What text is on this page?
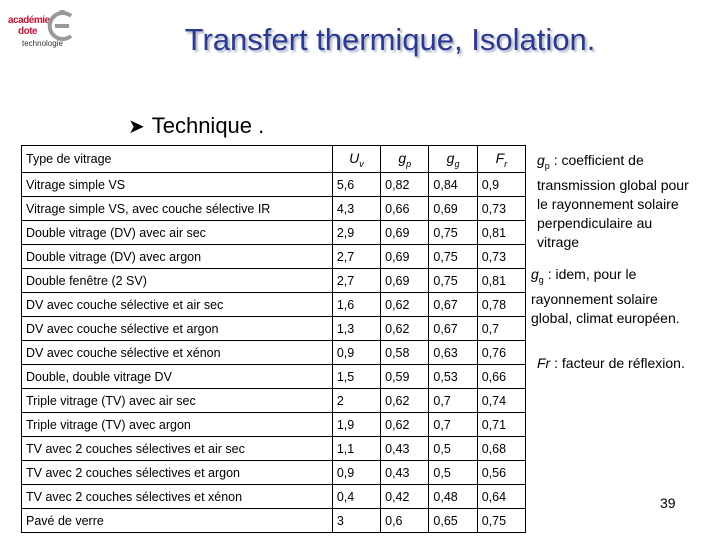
académie
dote
technologie	Transfert thermique, Isolation.
➤ Technique .
Type de vitrage	$U_v$	$g_p$	$g_g$	$F_r$
Vitrage simple VS	5,6	0,82	0,84	0,9
Vitrage simple VS, avec couche sélective IR	4,3	0,66	0,69	0,73
Double vitrage (DV) avec air sec	2,9	0,69	0,75	0,81
Double vitrage (DV) avec argon	2,7	0,69	0,75	0,73
Double fenêtre (2 SV)	2,7	0,69	0,75	0,81
DV avec couche sélective et air sec	1,6	0,62	0,67	0,78
DV avec couche sélective et argon	1,3	0,62	0,67	0,7
DV avec couche sélective et xénon	0,9	0,58	0,63	0,76
Double, double vitrage DV	1,5	0,59	0,53	0,66
Triple vitrage (TV) avec air sec	2	0,62	0,7	0,74
Triple vitrage (TV) avec argon	1,9	0,62	0,7	0,71
TV avec 2 couches sélectives et air sec	1,1	0,43	0,5	0,68
TV avec 2 couches sélectives et argon	0,9	0,43	0,5	0,56
TV avec 2 couches sélectives et xénon	0,4	0,42	0,48	0,64
Pavé de verre	3	0,6	0,65	0,75
$g_p$ : coefficient de
transmission global pour
le rayonnement solaire
perpendiculaire au
vitrage
$g_g$ : idem, pour le
rayonnement solaire
global, climat européen.
Fr : facteur de réflexion.
39
